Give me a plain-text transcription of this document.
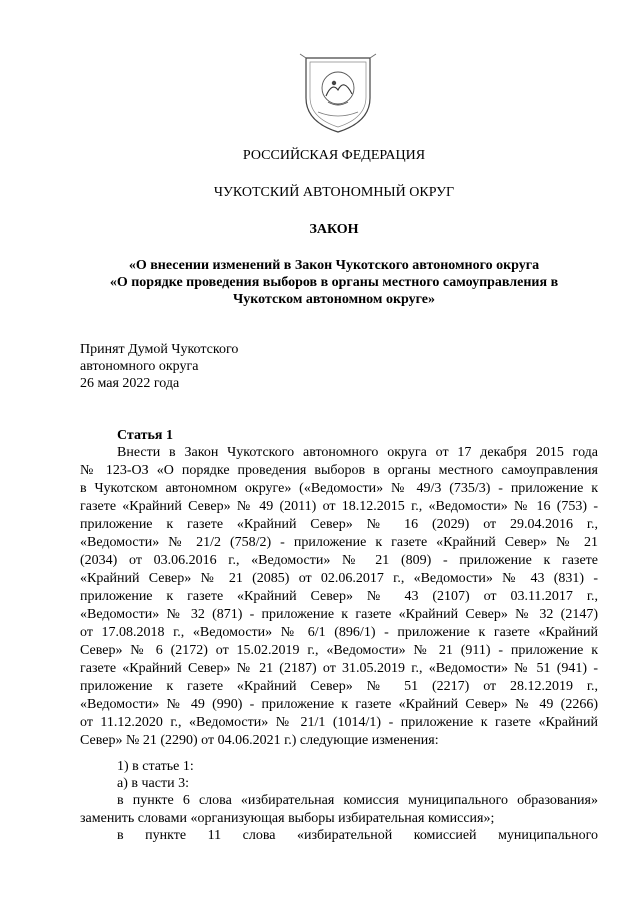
РОССИЙСКАЯ ФЕДЕРАЦИЯ
ЧУКОТСКИЙ АВТОНОМНЫЙ ОКРУГ
ЗАКОН
«О внесении изменений в Закон Чукотского автономного округа
«О порядке проведения выборов в органы местного самоуправления в
Чукотском автономном округе»
Принят Думой Чукотского
автономного округа
26 мая 2022 года
Статья 1
Внести в Закон Чукотского автономного округа от 17 декабря 2015 года
№ 123-ОЗ «О порядке проведения выборов в органы местного самоуправления
в Чукотском автономном округе» («Ведомости» № 49/3 (735/3) - приложение к
газете «Крайний Север» № 49 (2011) от 18.12.2015 г., «Ведомости» № 16 (753) -
приложение к газете «Крайний Север» № 16 (2029) от 29.04.2016 г.,
«Ведомости» № 21/2 (758/2) - приложение к газете «Крайний Север» № 21
(2034) от 03.06.2016 г., «Ведомости» № 21 (809) - приложение к газете
«Крайний Север» № 21 (2085) от 02.06.2017 г., «Ведомости» № 43 (831) -
приложение к газете «Крайний Север» № 43 (2107) от 03.11.2017 г.,
«Ведомости» № 32 (871) - приложение к газете «Крайний Север» № 32 (2147)
от 17.08.2018 г., «Ведомости» № 6/1 (896/1) - приложение к газете «Крайний
Север» № 6 (2172) от 15.02.2019 г., «Ведомости» № 21 (911) - приложение к
газете «Крайний Север» № 21 (2187) от 31.05.2019 г., «Ведомости» № 51 (941) -
приложение к газете «Крайний Север» № 51 (2217) от 28.12.2019 г.,
«Ведомости» № 49 (990) - приложение к газете «Крайний Север» № 49 (2266)
от 11.12.2020 г., «Ведомости» № 21/1 (1014/1) - приложение к газете «Крайний
Север» № 21 (2290) от 04.06.2021 г.) следующие изменения:
1) в статье 1:
а) в части 3:
в пункте 6 слова «избирательная комиссия муниципального образования»
заменить словами «организующая выборы избирательная комиссия»;
в пункте 11 слова «избирательной комиссией муниципального
